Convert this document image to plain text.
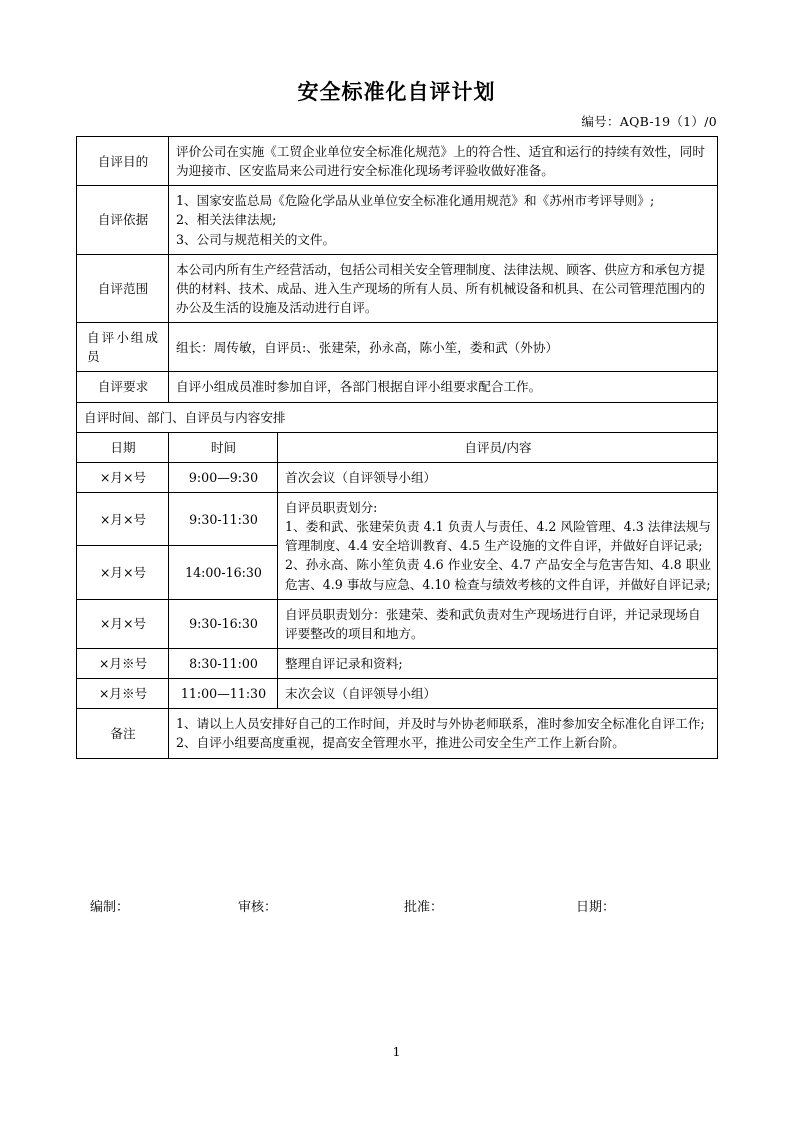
安全标准化自评计划
编号：AQB-19（1）/0
自评目的	评价公司在实施《工贸企业单位安全标准化规范》上的符合性、适宜和运行的持续有效性，同时为迎接市、区安监局来公司进行安全标准化现场考评验收做好准备。	
自评依据	1、国家安监总局《危险化学品从业单位安全标准化通用规范》和《苏州市考评导则》;
2、相关法律法规;
3、公司与规范相关的文件。	

自评范围	本公司内所有生产经营活动，包括公司相关安全管理制度、法律法规、顾客、供应方和承包方提供的材料、技术、成品、进入生产现场的所有人员、所有机械设备和机具、在公司管理范围内的办公及生活的设施及活动进行自评。	

自评小组成员	组长：周传敏，自评员:、张建荣，孙永高，陈小笙，娄和武（外协）	
自评要求	自评小组成员准时参加自评，各部门根据自评小组要求配合工作。	
自评时间、部门、自评员与内容安排		
日期	时间	自评员/内容
×月×号	9:00—9:30	首次会议（自评领导小组）
×月×号	9:30-11:30	自评员职责划分:
1、娄和武、张建荣负责 4.1 负责人与责任、4.2 风险管理、4.3 法律法规与管理制度、4.4 安全培训教育、4.5 生产设施的文件自评，并做好自评记录;
2、孙永高、陈小笙负责 4.6 作业安全、4.7 产品安全与危害告知、4.8 职业危害、4.9 事故与应急、4.10 检查与绩效考核的文件自评，并做好自评记录;

×月×号	14:00-16:30	
×月×号	9:30-16:30	自评员职责划分：张建荣、娄和武负责对生产现场进行自评，并记录现场自评要整改的项目和地方。
×月※号	8:30-11:00	整理自评记录和资料;
×月※号	11:00—11:30	末次会议（自评领导小组）
备注	1、请以上人员安排好自己的工作时间，并及时与外协老师联系，准时参加安全标准化自评工作;
2、自评小组要高度重视，提高安全管理水平，推进公司安全生产工作上新台阶。	
编制：	审核：	批准：	日期：
1
